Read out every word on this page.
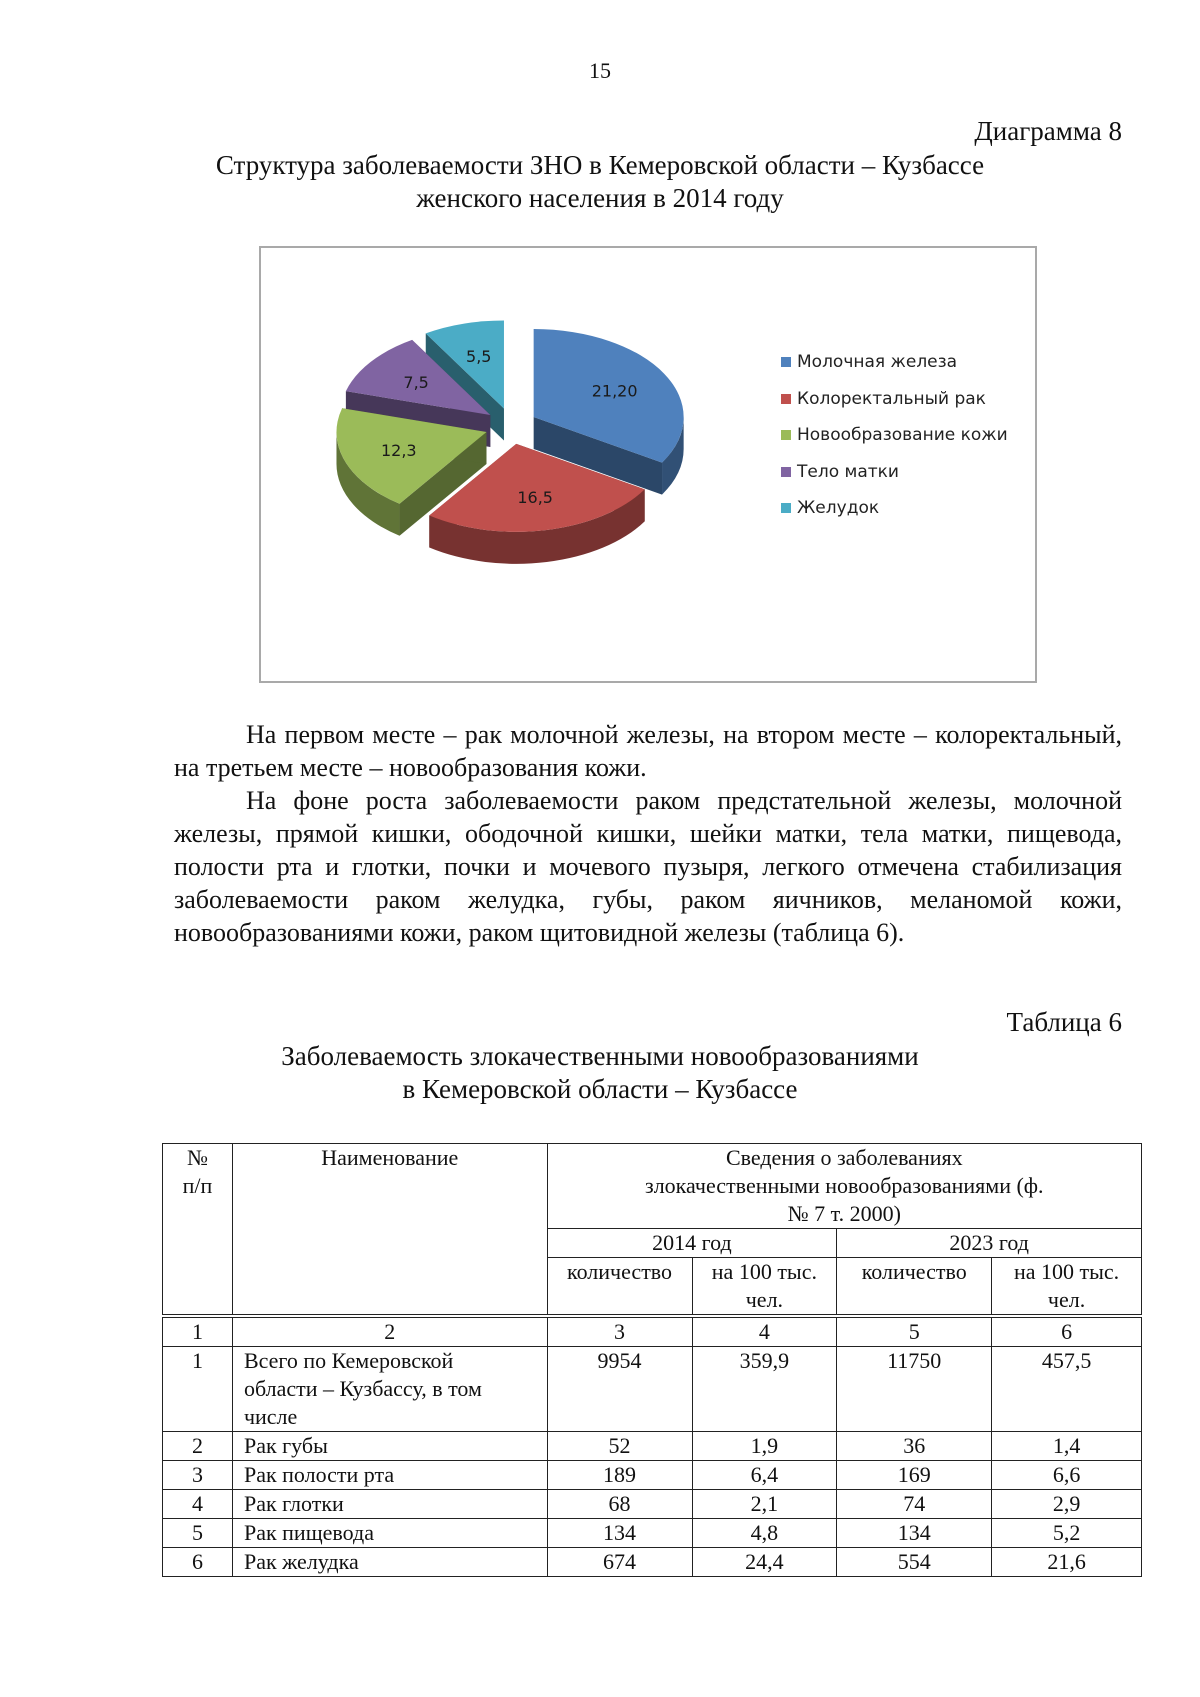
15
Диаграмма 8
Структура заболеваемости ЗНО в Кемеровской области – Кузбассе
женского населения в 2014 году
21,20
16,5
12,3
7,5
5,5	Молочная железа
Колоректальный рак
Новообразование кожи
Тело матки
Желудок

На первом месте – рак молочной железы, на втором месте – колоректальный, на третьем месте – новообразования кожи.

На фоне роста заболеваемости раком предстательной железы, молочной железы, прямой кишки, ободочной кишки, шейки матки, тела матки, пищевода, полости рта и глотки, почки и мочевого пузыря, легкого отмечена стабилизация заболеваемости раком желудка, губы, раком яичников, меланомой кожи, новообразованиями кожи, раком щитовидной железы (таблица 6).

Таблица 6
Заболеваемость злокачественными новообразованиями
в Кемеровской области – Кузбассе
№ п/п	Наименование	Сведения о заболеваниях злокачественными новообразованиями (ф. № 7 т. 2000)			
		2014 год		2023 год	
		количество	на 100 тыс. чел.	количество	на 100 тыс. чел.

1	2	3	4	5	6
1	Всего по Кемеровской области – Кузбассу, в том числе	9954	359,9	11750	457,5
2	Рак губы	52	1,9	36	1,4
3	Рак полости рта	189	6,4	169	6,6
4	Рак глотки	68	2,1	74	2,9
5	Рак пищевода	134	4,8	134	5,2
6	Рак желудка	674	24,4	554	21,6
